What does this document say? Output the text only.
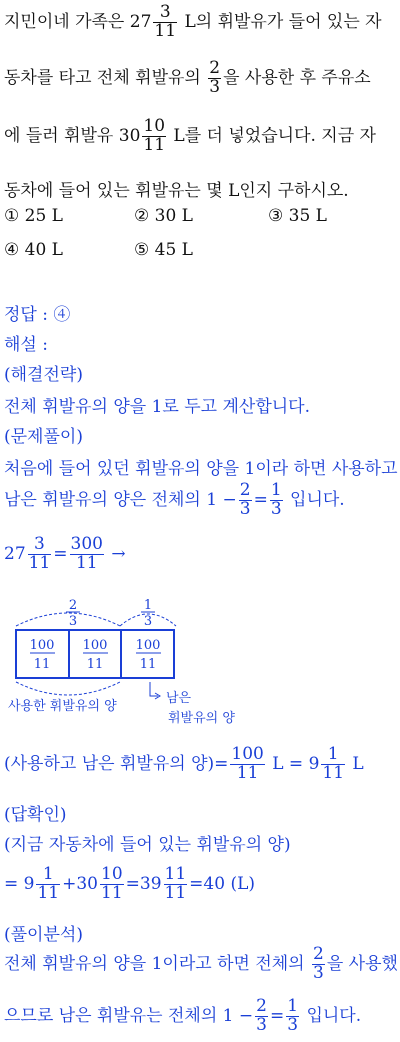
지민이네 가족은 $27 \frac{3}{11}$ L의 휘발유가 들어 있는 자
동차를 타고 전체 휘발유의 $\frac{2}{3}$ 을 사용한 후 주유소
에 들러 휘발유 $30 \frac{10}{11}$ L를 더 넣었습니다. 지금 자
동차에 들어 있는 휘발유는 몇 L인지 구하시오.
① 25 L	② 30 L	③ 35 L
④ 40 L	⑤ 45 L
정답 : ④
해설 :
(해결전략)
전체 휘발유의 양을 1로 두고 계산합니다.
(문제풀이)
처음에 들어 있던 휘발유의 양을 1이라 하면 사용하고
남은 휘발유의 양은 전체의 $1 - \frac{2}{3} = \frac{1}{3}$ 입니다.
$27 \frac{3}{11} = \frac{300}{11}$ →
2
3
1
3
100
11
100
11
100
11
사용한 휘발유의 양
남은
휘발유의 양
(사용하고 남은 휘발유의 양)= $\frac{100}{11}$ $L = 9 \frac{1}{11}$ L
(답확인)
(지금 자동차에 들어 있는 휘발유의 양)
= $9 \frac{1}{11} +30 \frac{10}{11} =39 \frac{11}{11} =40$ (L)
(풀이분석)
전체 휘발유의 양을 1이라고 하면 전체의 $\frac{2}{3}$ 을 사용했
으므로 남은 휘발유는 전체의 $1 - \frac{2}{3} = \frac{1}{3}$ 입니다.
